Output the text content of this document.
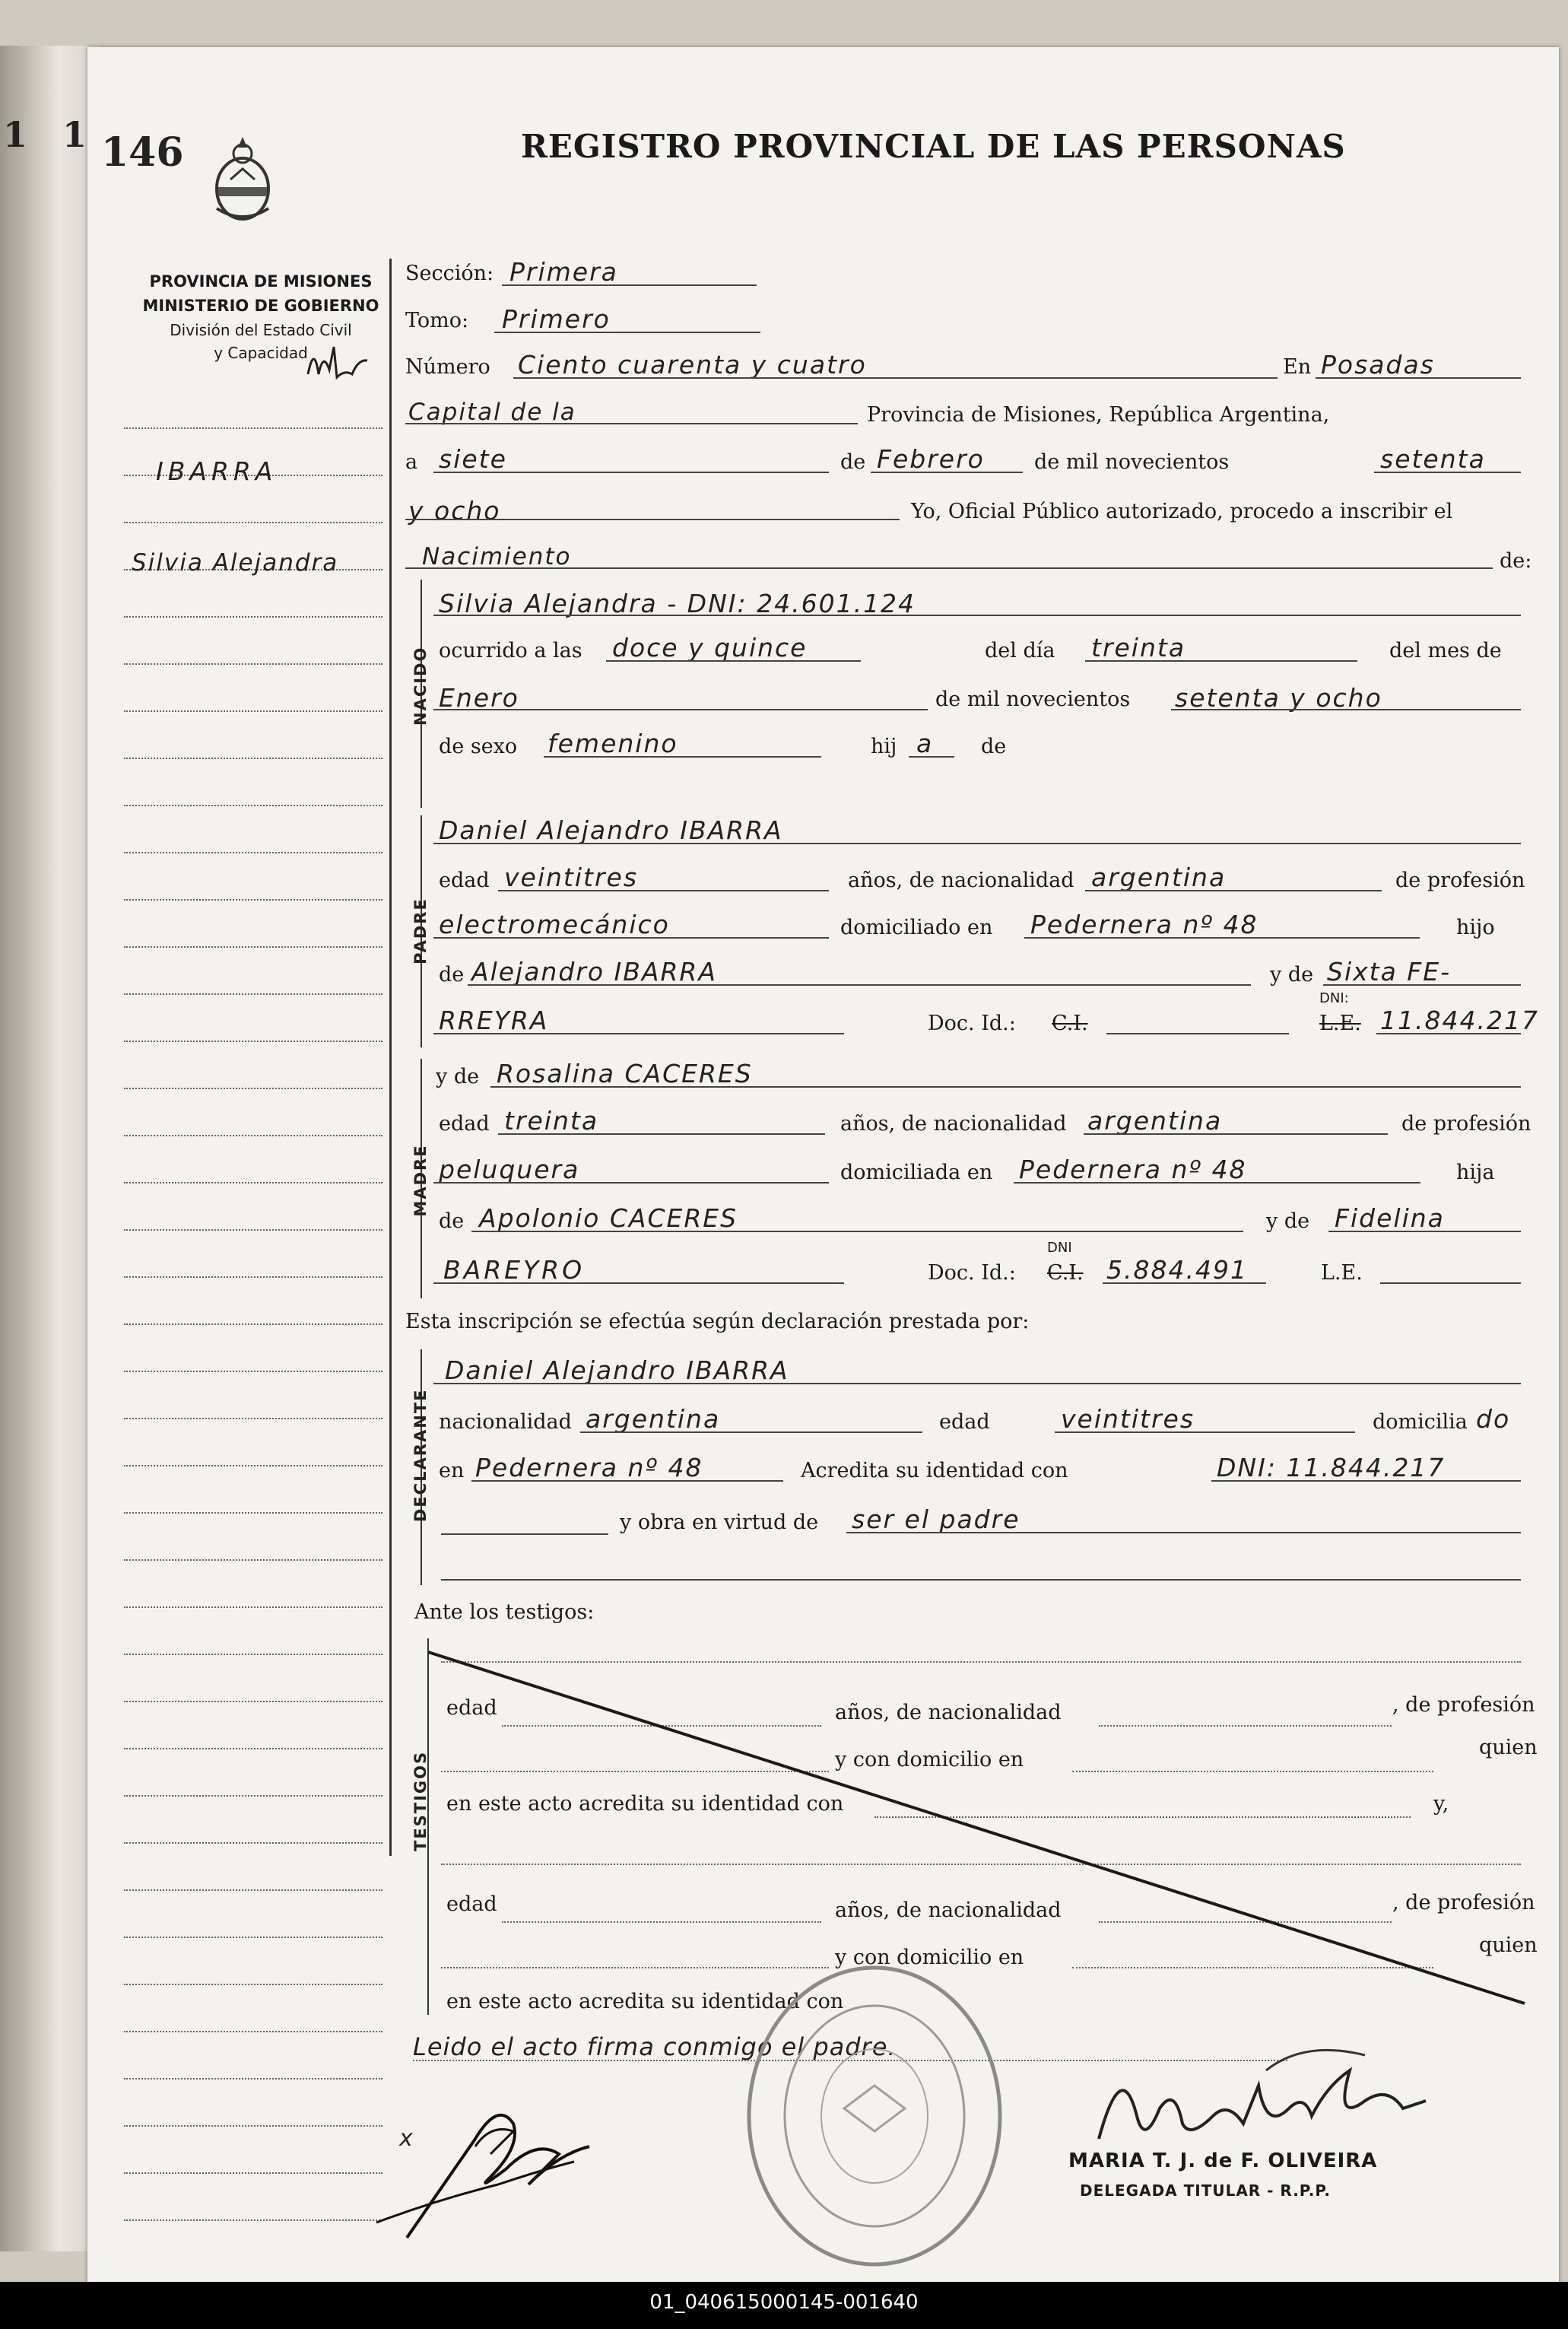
1 1 146	REGISTRO PROVINCIAL DE LAS PERSONAS
PROVINCIA DE MISIONES
MINISTERIO DE GOBIERNO
División del Estado Civil
y Capacidad
IBARRA
Silvia Alejandra
Sección: Primera
Tomo: Primero
Número Ciento cuarenta y cuatro	En Posadas
Capital de la	Provincia de Misiones, República Argentina,
a siete	de Febrero de mil novecientos	setenta
y ocho	Yo, Oficial Público autorizado, procedo a inscribir el
Nacimiento	de:
NACIDO
Silvia Alejandra - DNI: 24.601.124
ocurrido a las doce y quince	del día treinta	del mes de
Enero	de mil novecientos setenta y ocho
de sexo femenino	hij a de
PADRE
Daniel Alejandro IBARRA
edad veintitres	años, de nacionalidad argentina	de profesión
electromecánico	domiciliado en Pedernera nº 48	hijo
de Alejandro IBARRA	y de Sixta FE-
RREYRA	Doc. Id.: C.I.
DNI:
L.E. 11.844.217
MADRE
y de Rosalina CACERES
edad treinta	años, de nacionalidad argentina	de profesión
peluquera	domiciliada en Pedernera nº 48	hija
de Apolonio CACERES	y de Fidelina
BAREYRO	Doc. Id.:
DNI
C.I. 5.884.491	L.E.
Esta inscripción se efectúa según declaración prestada por:
DECLARANTE
Daniel Alejandro IBARRA
nacionalidad argentina	edad	veintitres	domicilia do
en Pedernera nº 48	Acredita su identidad con	DNI: 11.844.217
y obra en virtud de ser el padre
Ante los testigos:
TESTIGOS
edad	años, de nacionalidad	, de profesión
y con domicilio en
quien
en este acto acredita su identidad con	y,
edad	años, de nacionalidad	, de profesión
y con domicilio en
quien
en este acto acredita su identidad con
Leido el acto firma conmigo el padre.
x
MARIA T. J. de F. OLIVEIRA
DELEGADA TITULAR - R.P.P.
01_040615000145-001640
